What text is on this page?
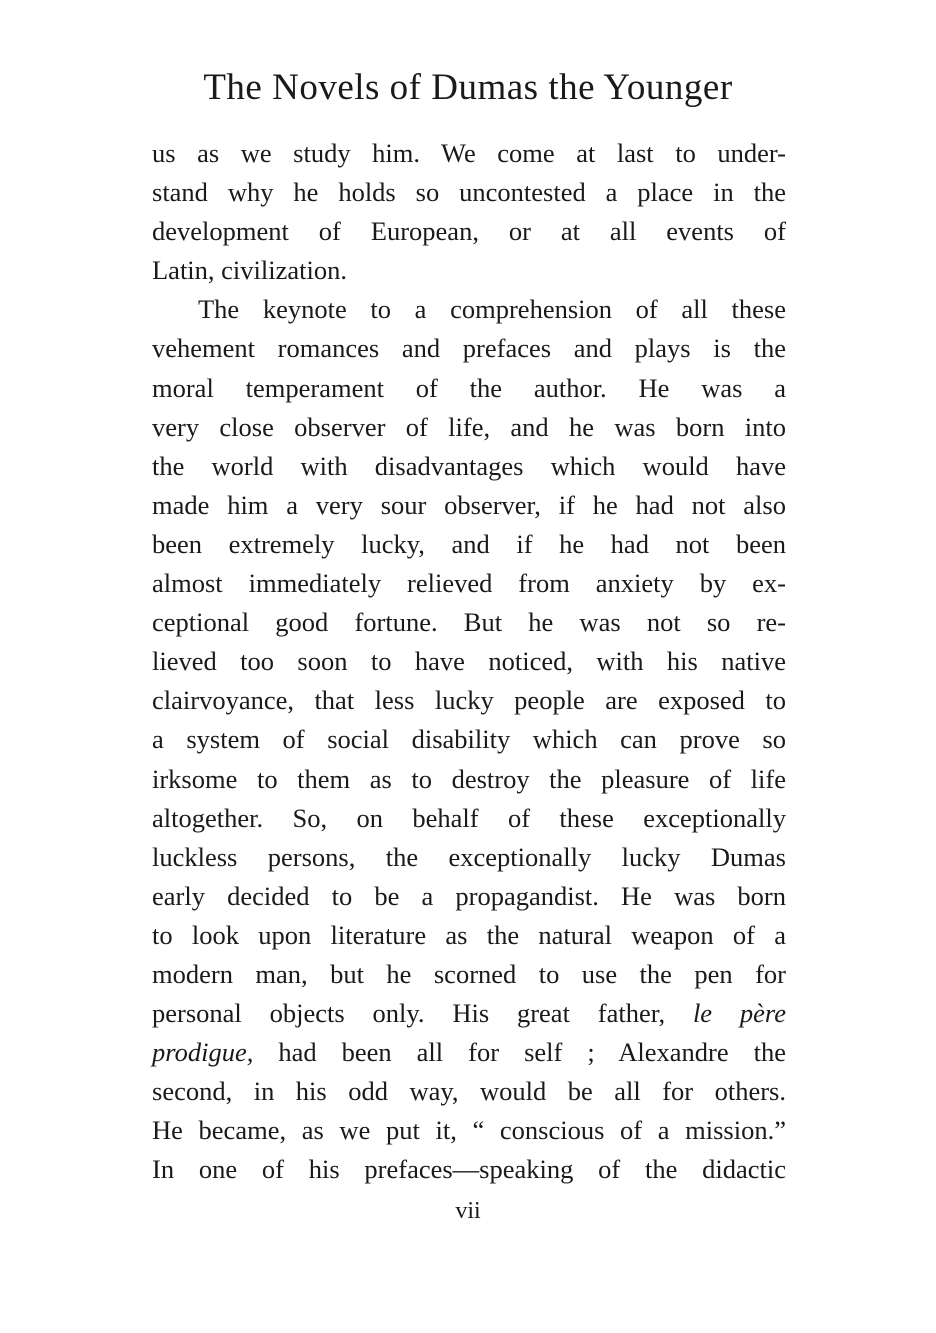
The Novels of Dumas the Younger
us as we study him. We come at last to under-
stand why he holds so uncontested a place in the
development of European, or at all events of
Latin, civilization.
The keynote to a comprehension of all these
vehement romances and prefaces and plays is the
moral temperament of the author. He was a
very close observer of life, and he was born into
the world with disadvantages which would have
made him a very sour observer, if he had not also
been extremely lucky, and if he had not been
almost immediately relieved from anxiety by ex-
ceptional good fortune. But he was not so re-
lieved too soon to have noticed, with his native
clairvoyance, that less lucky people are exposed to
a system of social disability which can prove so
irksome to them as to destroy the pleasure of life
altogether. So, on behalf of these exceptionally
luckless persons, the exceptionally lucky Dumas
early decided to be a propagandist. He was born
to look upon literature as the natural weapon of a
modern man, but he scorned to use the pen for
personal objects only. His great father, le père
prodigue, had been all for self ; Alexandre the
second, in his odd way, would be all for others.
He became, as we put it, “ conscious of a mission.”
In one of his prefaces—speaking of the didactic
vii
